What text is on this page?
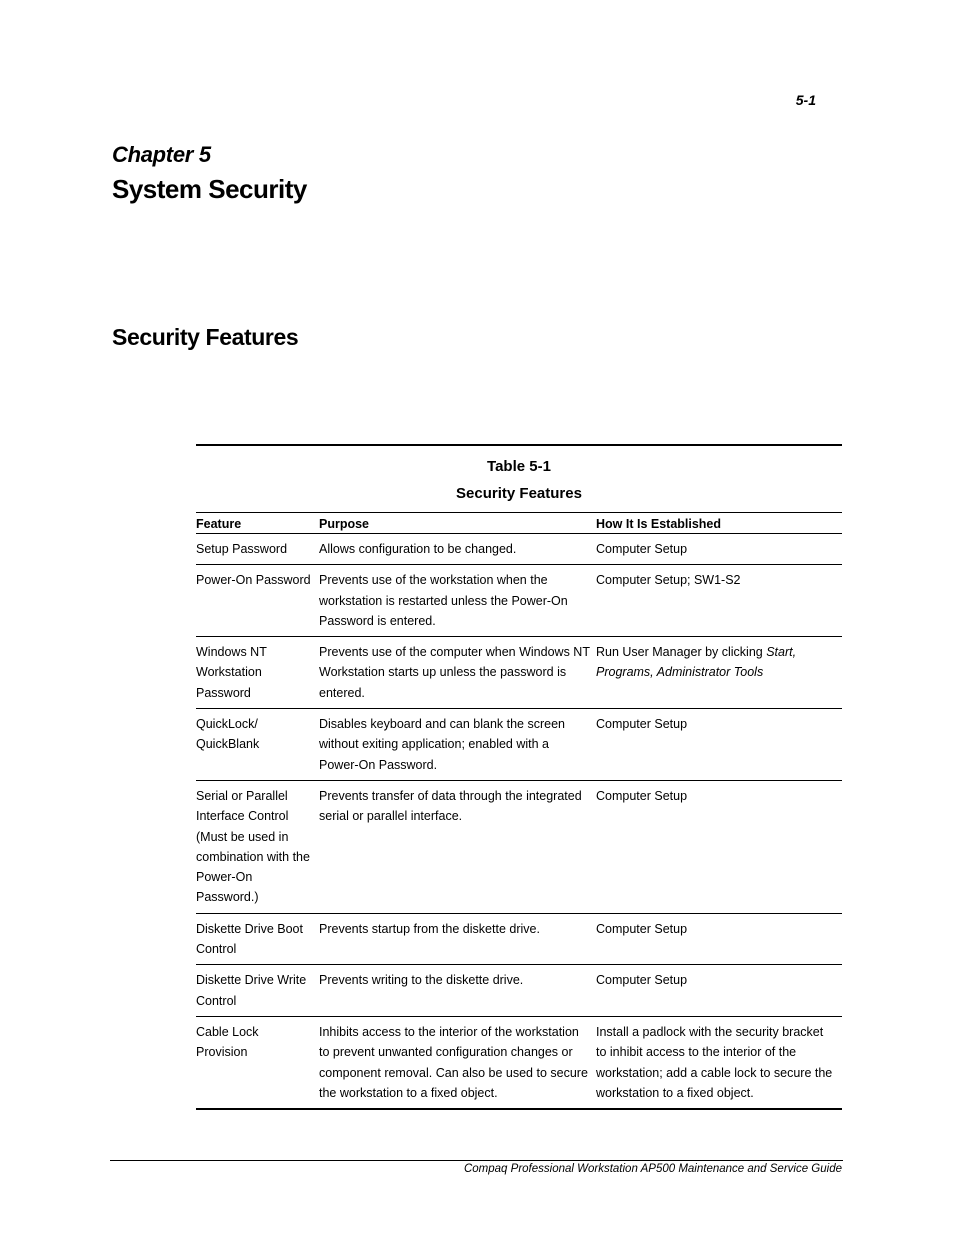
5-1
Chapter 5
System Security
Security Features
Table 5-1
Security Features
Feature	Purpose	How It Is Established
Setup Password	Allows configuration to be changed.	Computer Setup
Power-On Password	Prevents use of the workstation when the workstation is restarted unless the Power-On Password is entered.	Computer Setup; SW1-S2
Windows NT Workstation Password	Prevents use of the computer when Windows NT Workstation starts up unless the password is entered.	Run User Manager by clicking Start, Programs, Administrator Tools
QuickLock/ QuickBlank	Disables keyboard and can blank the screen without exiting application; enabled with a Power-On Password.	Computer Setup
Serial or Parallel Interface Control (Must be used in combination with the Power-On Password.)	Prevents transfer of data through the integrated serial or parallel interface.	Computer Setup
Diskette Drive Boot Control	Prevents startup from the diskette drive.	Computer Setup
Diskette Drive Write Control	Prevents writing to the diskette drive.	Computer Setup
Cable Lock Provision	Inhibits access to the interior of the workstation to prevent unwanted configuration changes or component removal. Can also be used to secure the workstation to a fixed object.	Install a padlock with the security bracket to inhibit access to the interior of the workstation; add a cable lock to secure the workstation to a fixed object.
Compaq Professional Workstation AP500 Maintenance and Service Guide
